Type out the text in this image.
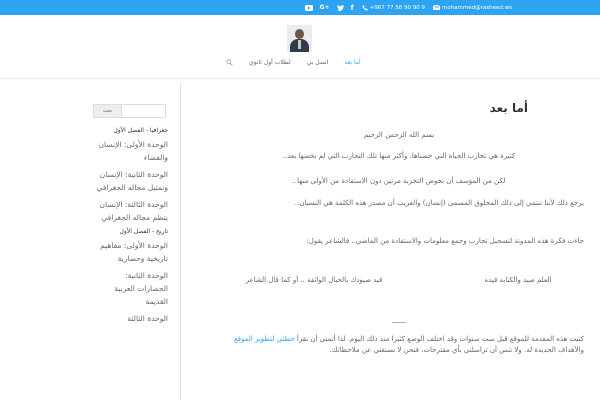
G+	f	+967 77 58 90 90 9	mohammed@rasheed.ws
أما بعد
اتصل بي
لطلاب أول ثانوي
أما بعد

بسم الله الرحمن الرحيم

كثيرة هي تجارب الحياة التي خضناها، وأكثر منها تلك التجارب التي لم نخضها بعد..

لكن من المؤسف أن نخوض التجربة مرتين دون الاستفادة من الأولى منها..

يرجع ذلك لأننا ننتمي إلى ذلك المخلوق المسمى (إنسان) والغريب أن مصدر هذه الكلمة هي النسيان..

جاءت فكرة هذه المدونة لتسجيل تجارب وجمع معلومات والاستفادة من الماضي.. فالشاعر يقول:

العلم صيد والكتابة قيده
قيد صيودك بالحبال الواثقة .. أو كما قال الشاعر

____

كتبت هذه المقدمة للموقع قبل ست سنوات وقد اختلف الوضع كثيرا منذ ذلك اليوم. لذا أتمنى أن تقرأ خطتي لتطوير الموقع والأهداف الجديدة له. ولا تنس أن تراسلني بأي مقترحات، فنحن لا نستغني عن ملاحظاتك.

بحث
جغرافيا - الفصل الأول
الوحدة الأولى: الإنسان والفضاء
الوحدة الثانية: الإنسان وتمثيل مجاله الجغرافي
الوحدة الثالثة: الإنسان ينظم مجاله الجغرافي
تاريخ - الفصل الأول
الوحدة الأولى: مفاهيم تاريخية وحضارية
الوحدة الثانية: الحضارات العربية القديمة
الوحدة الثالثة
